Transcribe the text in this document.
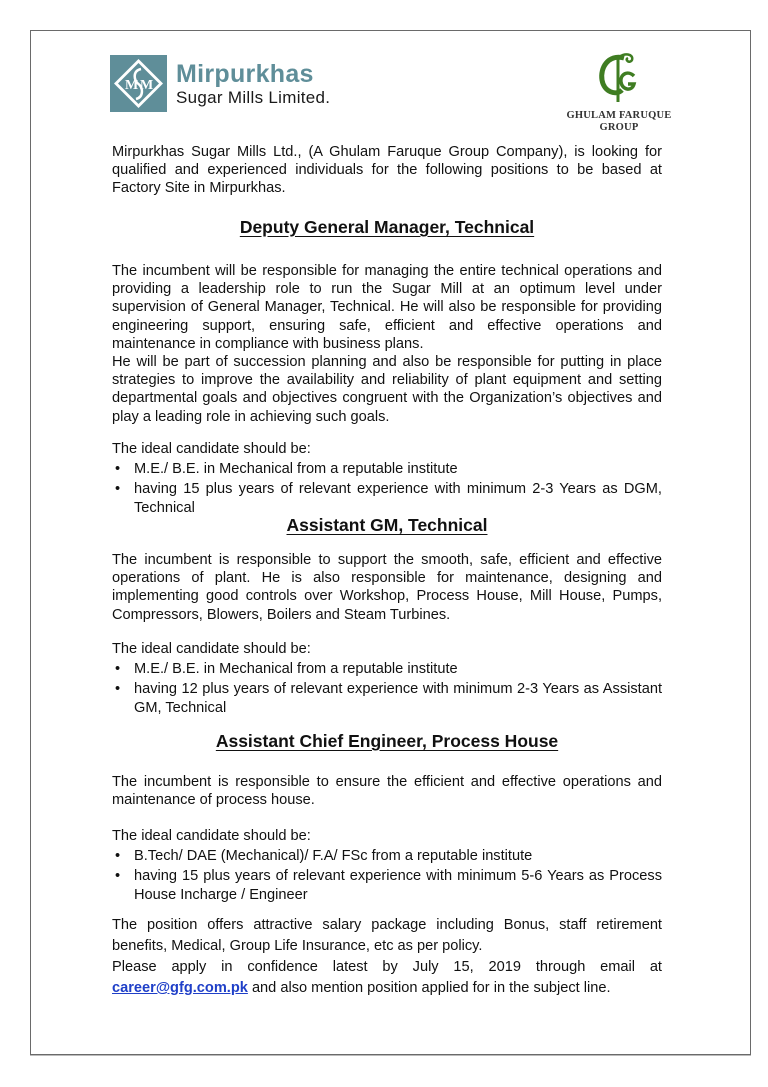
M M Mirpurkhas
Sugar Mills Limited.
GHULAM FARUQUE
GROUP

Mirpurkhas Sugar Mills Ltd., (A Ghulam Faruque Group Company), is looking for qualified and experienced individuals for the following positions to be based at Factory Site in Mirpurkhas.

Deputy General Manager, Technical

The incumbent will be responsible for managing the entire technical operations and providing a leadership role to run the Sugar Mill at an optimum level under supervision of General Manager, Technical. He will also be responsible for providing engineering support, ensuring safe, efficient and effective operations and maintenance in compliance with business plans.

He will be part of succession planning and also be responsible for putting in place strategies to improve the availability and reliability of plant equipment and setting departmental goals and objectives congruent with the Organization’s objectives and play a leading role in achieving such goals.

The ideal candidate should be:

• M.E./ B.E. in Mechanical from a reputable institute
• having 15 plus years of relevant experience with minimum 2-3 Years as DGM, Technical
Assistant GM, Technical

The incumbent is responsible to support the smooth, safe, efficient and effective operations of plant. He is also responsible for maintenance, designing and implementing good controls over Workshop, Process House, Mill House, Pumps, Compressors, Blowers, Boilers and Steam Turbines.

The ideal candidate should be:

• M.E./ B.E. in Mechanical from a reputable institute
• having 12 plus years of relevant experience with minimum 2-3 Years as Assistant GM, Technical
Assistant Chief Engineer, Process House

The incumbent is responsible to ensure the efficient and effective operations and maintenance of process house.

The ideal candidate should be:

• B.Tech/ DAE (Mechanical)/ F.A/ FSc from a reputable institute
• having 15 plus years of relevant experience with minimum 5-6 Years as Process House Incharge / Engineer

The position offers attractive salary package including Bonus, staff retirement benefits, Medical, Group Life Insurance, etc as per policy.

Please apply in confidence latest by July 15, 2019 through email at career@gfg.com.pk and also mention position applied for in the subject line.
